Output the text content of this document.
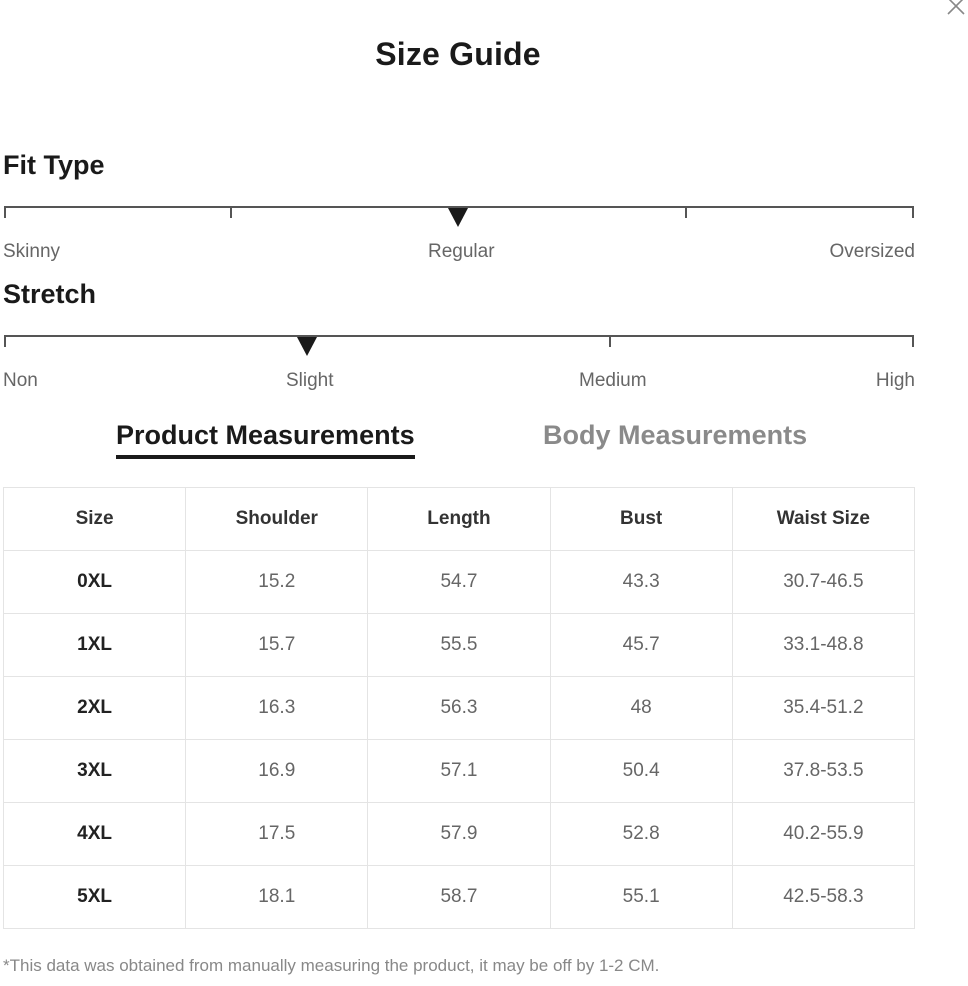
Size Guide
Fit Type
Skinny	Regular	Oversized
Stretch
Non	Slight	Medium	High
Product Measurements	Body Measurements
Size	Shoulder	Length	Bust	Waist Size
0XL	15.2	54.7	43.3	30.7-46.5
1XL	15.7	55.5	45.7	33.1-48.8
2XL	16.3	56.3	48	35.4-51.2
3XL	16.9	57.1	50.4	37.8-53.5
4XL	17.5	57.9	52.8	40.2-55.9
5XL	18.1	58.7	55.1	42.5-58.3
*This data was obtained from manually measuring the product, it may be off by 1-2 CM.
